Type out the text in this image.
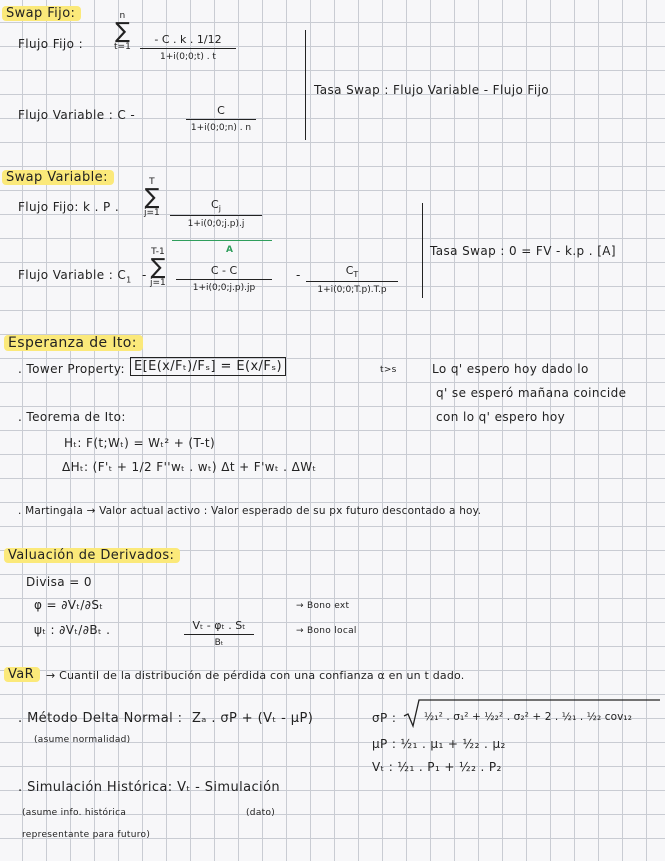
Swap Fijo:
Flujo Fijo :
n
∑
t=1
- C . k . 1/12
1+i(0;0;t) . t
Flujo Variable : C -	C
1+i(0;0;n) . n
Tasa Swap : Flujo Variable - Flujo Fijo
Swap Variable:
Flujo Fijo: k . P .
T
∑
j=1
$C_j$
1+i(0;0;j.p).j
A
Flujo Variable : $C_1$ -
T-1
∑
j=1
C - C
1+i(0;0;j.p).jp
-	$C_T$
1+i(0;0;T.p).T.p
Tasa Swap : 0 = FV - k.p . [A]
Esperanza de Ito:
. Tower Property: E[E(x/Fₜ)/Fₛ] = E(x/Fₛ)	t>s	Lo q' espero hoy dado lo
q' se esperó mañana coincide
con lo q' espero hoy
. Teorema de Ito:
Hₜ: F(t;Wₜ) = Wₜ² + (T-t)
ΔHₜ: (F'ₜ + 1/2 F''wₜ . wₜ) Δt + F'wₜ . ΔWₜ
. Martingala → Valor actual activo : Valor esperado de su px futuro descontado a hoy.
Valuación de Derivados:
Divisa = 0
φ = ∂Vₜ/∂Sₜ	→ Bono ext
ψₜ : ∂Vₜ/∂Bₜ .	Vₜ - φₜ . Sₜ
Bₜ
→ Bono local
VaR	→ Cuantil de la distribución de pérdida con una confianza α en un t dado.
. Método Delta Normal : Zₐ . σP + (Vₜ - μP)
(asume normalidad)
σP :	½₁² . σ₁² + ½₂² . σ₂² + 2 . ½₁ . ½₂ cov₁₂
μP : ½₁ . μ₁ + ½₂ . μ₂
Vₜ : ½₁ . P₁ + ½₂ . P₂
. Simulación Histórica: Vₜ - Simulación
(asume info. histórica	(dato)
representante para futuro)
